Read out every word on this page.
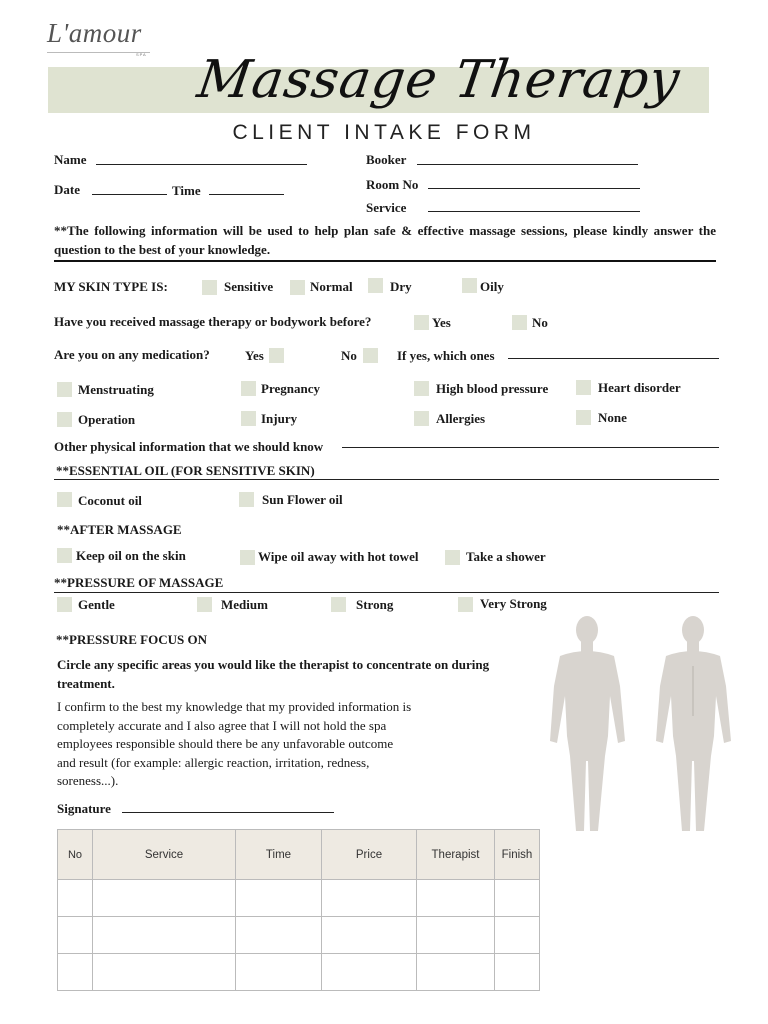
L'amour
SPA Massage Therapy
CLIENT INTAKE FORM
Name	Booker
Date	Time	Room No
Service
**The following information will be used to help plan safe & effective massage sessions, please kindly answer the question to the best of your knowledge.
MY SKIN TYPE IS:	Sensitive	Normal	Dry	Oily
Have you received massage therapy or bodywork before?	Yes	No
Are you on any medication?	Yes	No	If yes, which ones
Menstruating	Pregnancy	High blood pressure	Heart disorder
Operation	Injury	Allergies	None
Other physical information that we should know
**ESSENTIAL OIL (FOR SENSITIVE SKIN)
Coconut oil	Sun Flower oil
**AFTER MASSAGE
Keep oil on the skin	Wipe oil away with hot towel	Take a shower
**PRESSURE OF MASSAGE
Gentle	Medium	Strong	Very Strong
**PRESSURE FOCUS ON
Circle any specific areas you would like the therapist to concentrate on during treatment.
I confirm to the best my knowledge that my provided information is completely accurate and I also agree that I will not hold the spa employees responsible should there be any unfavorable outcome and result (for example: allergic reaction, irritation, redness, soreness...).
Signature
No	Service	Time	Price	Therapist	Finish
